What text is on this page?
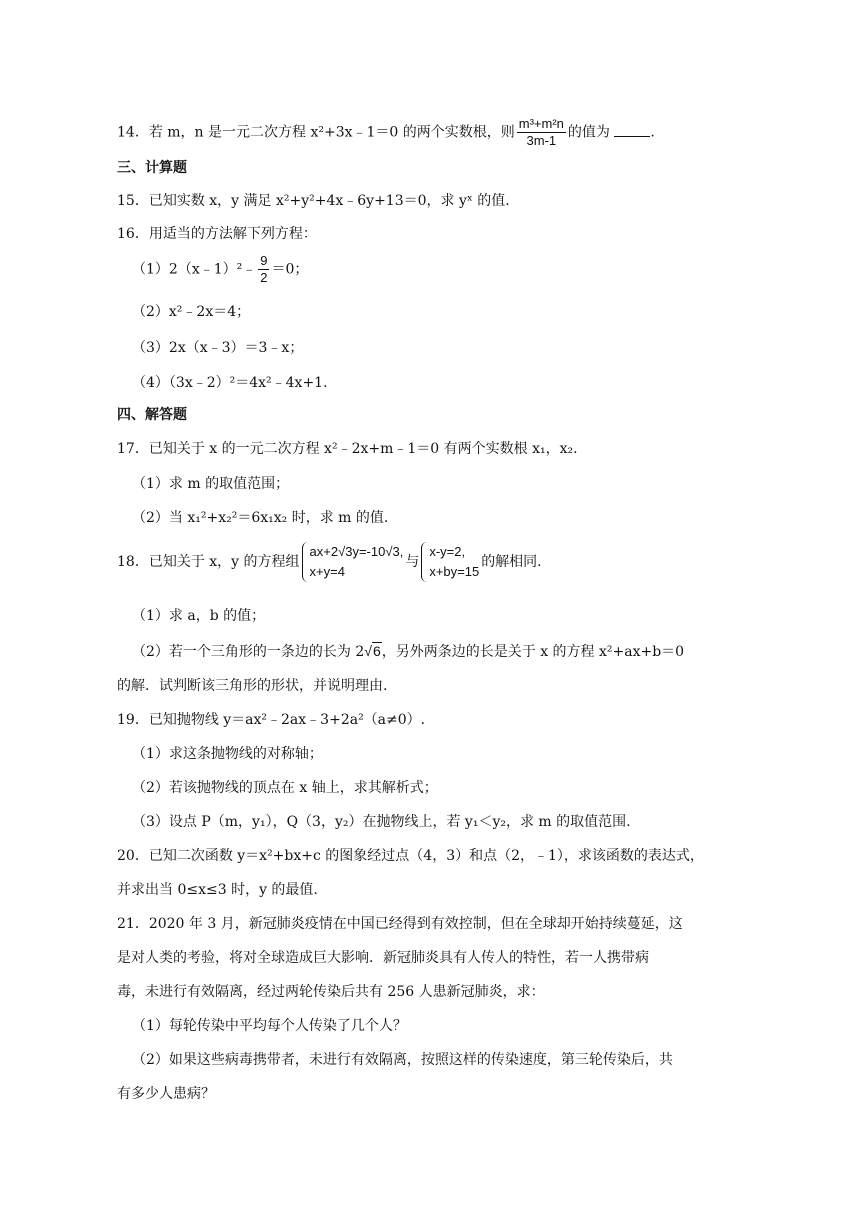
14．若 m，n 是一元二次方程 x²+3x﹣1＝0 的两个实数根，则 $\frac{\text{m³+m²n}}{3m-1}$ 的值为	.
三、计算题
15．已知实数 x，y 满足 x²+y²+4x﹣6y+13＝0，求 yˣ 的值.
16．用适当的方法解下列方程：
（1）2（x﹣1）²﹣ $\frac{9}{2} =0$；
（2）x²﹣2x＝4；
（3）2x（x﹣3）＝3﹣x；
（4）（3x﹣2）²＝4x²﹣4x+1.
四、解答题
17．已知关于 x 的一元二次方程 x²﹣2x+m﹣1＝0 有两个实数根 x₁，x₂.
（1）求 m 的取值范围；
（2）当 x₁²+x₂²＝6x₁x₂ 时，求 m 的值.
18．已知关于 x，y 的方程组
ax+2√3y=-10√3,
x+y=4
与
x-y=2,
x+by=15
的解相同.
（1）求 a，b 的值；
（2）若一个三角形的一条边的长为 2√6，另外两条边的长是关于 x 的方程 x²+ax+b＝0
的解．试判断该三角形的形状，并说明理由.
19．已知抛物线 y＝ax²﹣2ax﹣3+2a²（a≠0）.
（1）求这条抛物线的对称轴；
（2）若该抛物线的顶点在 x 轴上，求其解析式；
（3）设点 P（m，y₁），Q（3，y₂）在抛物线上，若 y₁＜y₂，求 m 的取值范围.
20．已知二次函数 y＝x²+bx+c 的图象经过点（4，3）和点（2，﹣1），求该函数的表达式，
并求出当 0≤x≤3 时，y 的最值.
21．2020 年 3 月，新冠肺炎疫情在中国已经得到有效控制，但在全球却开始持续蔓延，这
是对人类的考验，将对全球造成巨大影响．新冠肺炎具有人传人的特性，若一人携带病
毒，未进行有效隔离，经过两轮传染后共有 256 人患新冠肺炎，求：
（1）每轮传染中平均每个人传染了几个人？
（2）如果这些病毒携带者，未进行有效隔离，按照这样的传染速度，第三轮传染后，共
有多少人患病？
